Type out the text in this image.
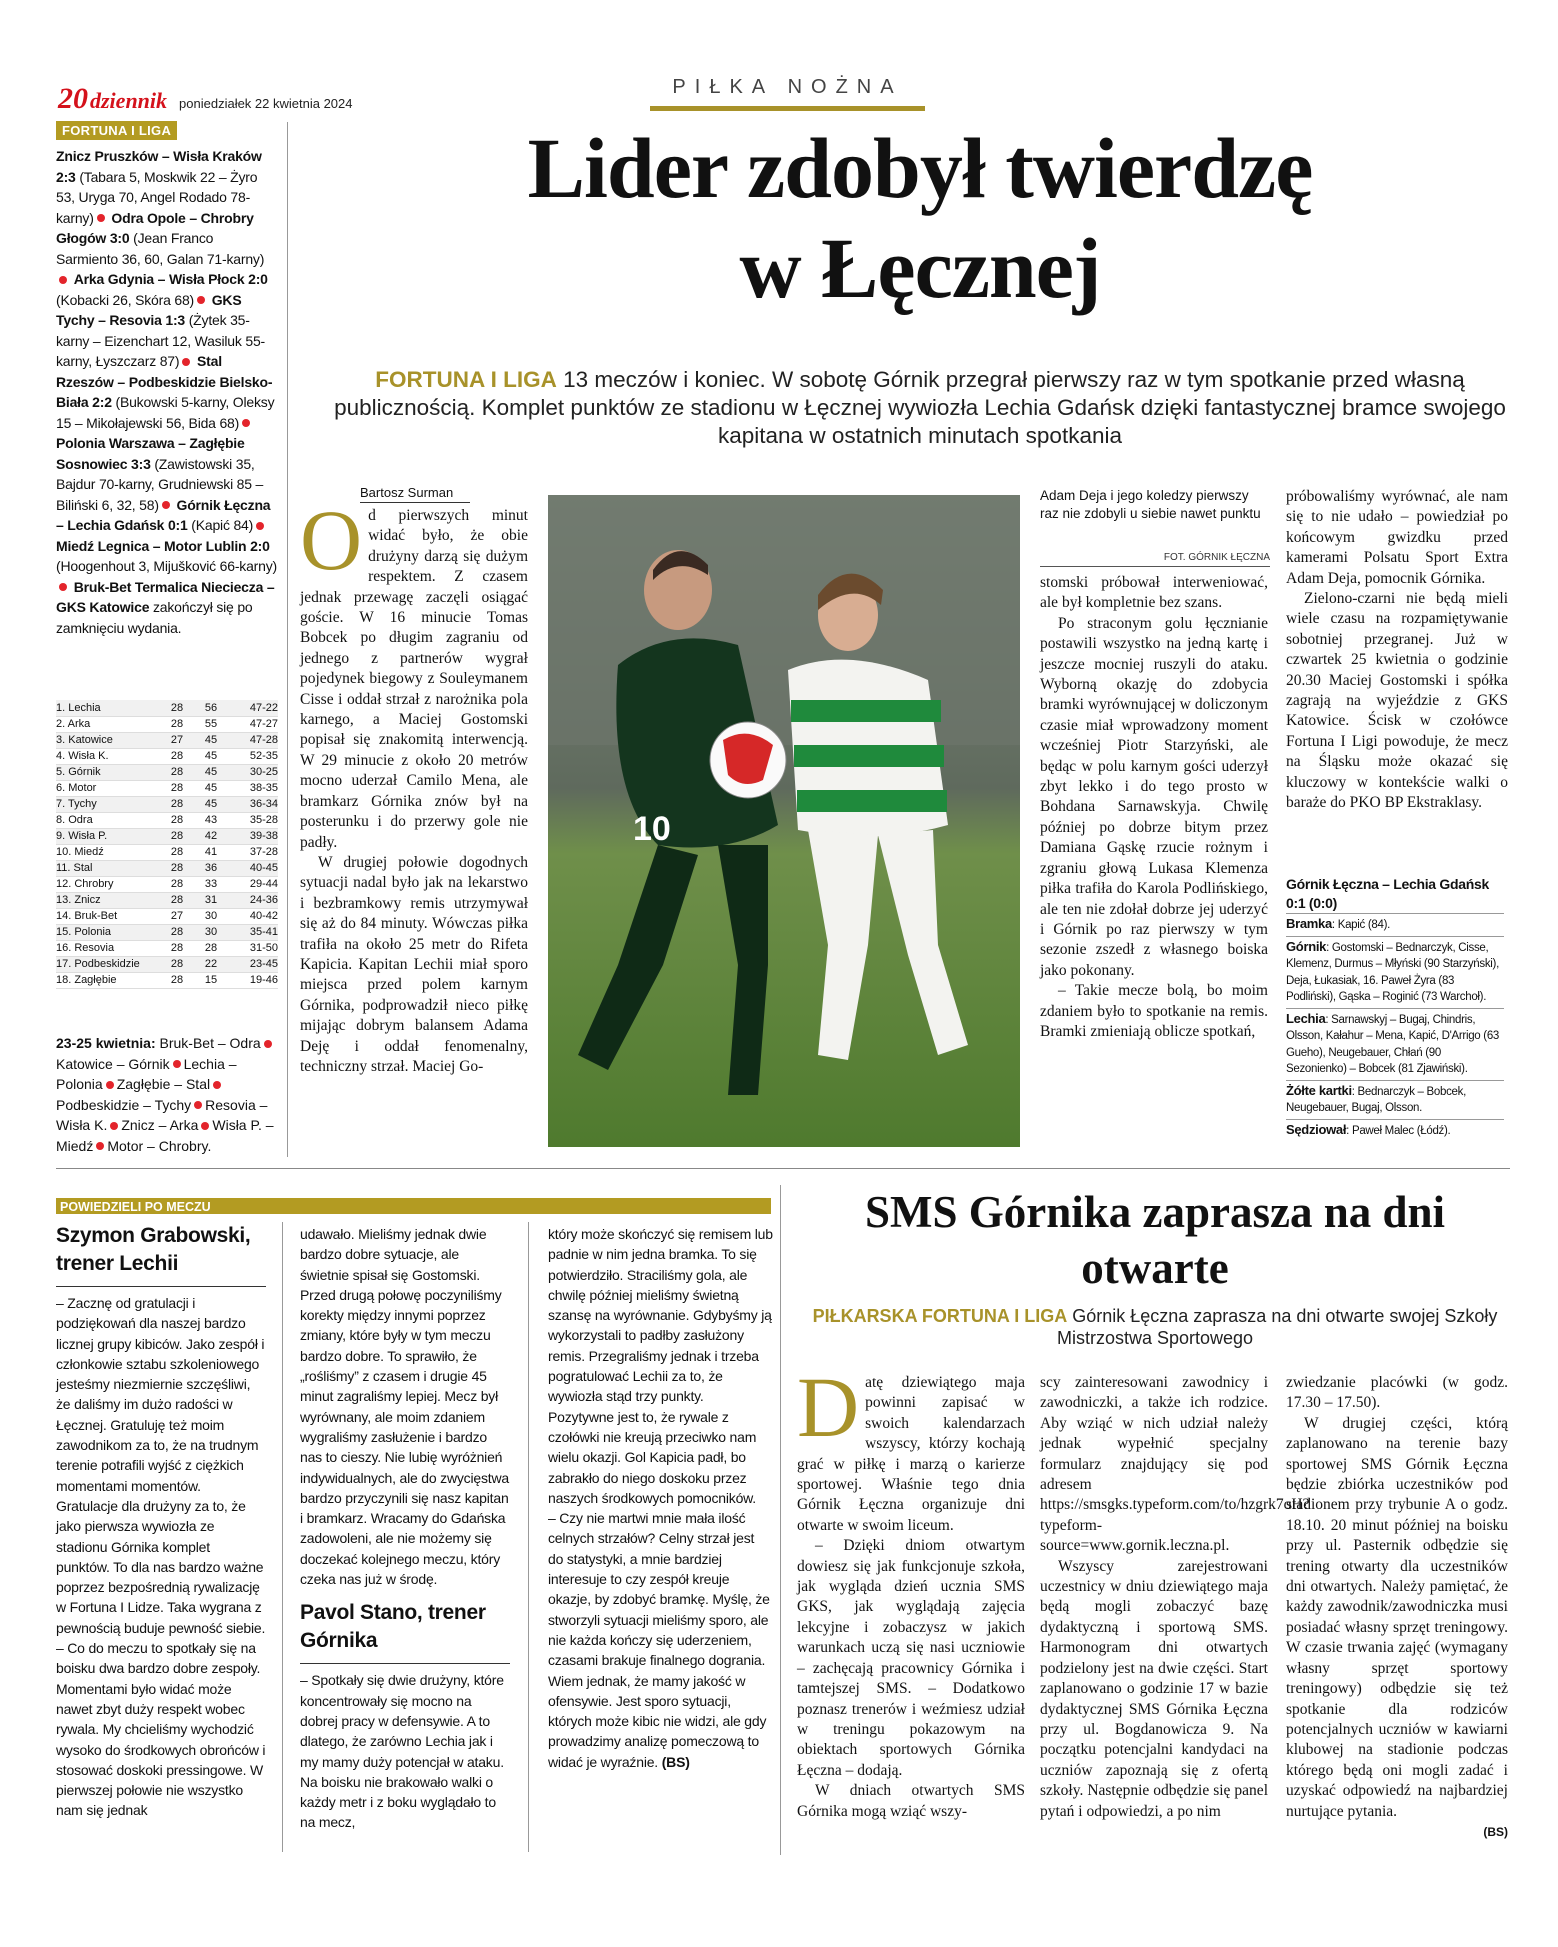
20 dziennik poniedziałek 22 kwietnia 2024
PIŁKA NOŻNA
FORTUNA I LIGA
Znicz Pruszków – Wisła Kraków 2:3 (Tabara 5, Moskwik 22 – Żyro 53, Uryga 70, Angel Rodado 78-karny) Odra Opole – Chrobry Głogów 3:0 (Jean Franco Sarmiento 36, 60, Galan 71-karny) Arka Gdynia – Wisła Płock 2:0 (Kobacki 26, Skóra 68) GKS Tychy – Resovia 1:3 (Żytek 35-karny – Eizenchart 12, Wasiluk 55-karny, Łyszczarz 87) Stal Rzeszów – Podbeskidzie Bielsko-Biała 2:2 (Bukowski 5-karny, Oleksy 15 – Mikołajewski 56, Bida 68) Polonia Warszawa – Zagłębie Sosnowiec 3:3 (Zawistowski 35, Bajdur 70-karny, Grudniewski 85 – Biliński 6, 32, 58) Górnik Łęczna – Lechia Gdańsk 0:1 (Kapić 84) Miedź Legnica – Motor Lublin 2:0 (Hoogenhout 3, Mijušković 66-karny) Bruk-Bet Termalica Nieciecza – GKS Katowice zakończył się po zamknięciu wydania.
1. Lechia	28	56	47-22
2. Arka	28	55	47-27
3. Katowice	27	45	47-28
4. Wisła K.	28	45	52-35
5. Górnik	28	45	30-25
6. Motor	28	45	38-35
7. Tychy	28	45	36-34
8. Odra	28	43	35-28
9. Wisła P.	28	42	39-38
10. Miedź	28	41	37-28
11. Stal	28	36	40-45
12. Chrobry	28	33	29-44
13. Znicz	28	31	24-36
14. Bruk-Bet	27	30	40-42
15. Polonia	28	30	35-41
16. Resovia	28	28	31-50
17. Podbeskidzie	28	22	23-45
18. Zagłębie	28	15	19-46
23-25 kwietnia: Bruk-Bet – OdraKatowice – Górnik Lechia – Polonia Zagłębie – StalPodbeskidzie – Tychy Resovia – Wisła K. Znicz – Arka Wisła P. – Miedź Motor – Chrobry.
Lider zdobył twierdzę
w Łęcznej
FORTUNA I LIGA 13 meczów i koniec. W sobotę Górnik przegrał pierwszy raz w tym spotkanie przed własną publicznością. Komplet punktów ze stadionu w Łęcznej wywiozła Lechia Gdańsk dzięki fantastycznej bramce swojego kapitana w ostatnich minutach spotkania
Bartosz Surman

Od pierwszych minut widać było, że obie drużyny darzą się dużym respektem. Z czasem jednak przewagę zaczęli osiągać goście. W 16 minucie Tomas Bobcek po długim zagraniu od jednego z partnerów wygrał pojedynek biegowy z Souleymanem Cisse i oddał strzał z narożnika pola karnego, a Maciej Gostomski popisał się znakomitą interwencją. W 29 minucie z około 20 metrów mocno uderzał Camilo Mena, ale bramkarz Górnika znów był na posterunku i do przerwy gole nie padły.

W drugiej połowie dogodnych sytuacji nadal było jak na lekarstwo i bezbramkowy remis utrzymywał się aż do 84 minuty. Wówczas piłka trafiła na około 25 metr do Rifeta Kapicia. Kapitan Lechii miał sporo miejsca przed polem karnym Górnika, podprowadził nieco piłkę mijając dobrym balansem Adama Deję i oddał fenomenalny, techniczny strzał. Maciej Go-

10
Adam Deja i jego koledzy pierwszy raz nie zdobyli u siebie nawet punktu
FOT. GÓRNIK ŁĘCZNA

stomski próbował interweniować, ale był kompletnie bez szans.

Po straconym golu łęcznianie postawili wszystko na jedną kartę i jeszcze mocniej ruszyli do ataku. Wyborną okazję do zdobycia bramki wyrównującej w doliczonym czasie miał wprowadzony moment wcześniej Piotr Starzyński, ale będąc w polu karnym gości uderzył zbyt lekko i do tego prosto w Bohdana Sarnawskyja. Chwilę później po dobrze bitym przez Damiana Gąskę rzucie rożnym i zgraniu głową Lukasa Klemenza piłka trafiła do Karola Podlińskiego, ale ten nie zdołał dobrze jej uderzyć i Górnik po raz pierwszy w tym sezonie zszedł z własnego boiska jako pokonany.

– Takie mecze bolą, bo moim zdaniem było to spotkanie na remis. Bramki zmieniają oblicze spotkań,

próbowaliśmy wyrównać, ale nam się to nie udało – powiedział po końcowym gwizdku przed kamerami Polsatu Sport Extra Adam Deja, pomocnik Górnika.

Zielono-czarni nie będą mieli wiele czasu na rozpamiętywanie sobotniej przegranej. Już w czwartek 25 kwietnia o godzinie 20.30 Maciej Gostomski i spółka zagrają na wyjeździe z GKS Katowice. Ścisk w czołówce Fortuna I Ligi powoduje, że mecz na Śląsku może okazać się kluczowy w kontekście walki o baraże do PKO BP Ekstraklasy.

Górnik Łęczna – Lechia Gdańsk 0:1 (0:0)
Bramka: Kapić (84).
Górnik: Gostomski – Bednarczyk, Cisse, Klemenz, Durmus – Młyński (90 Starzyński), Deja, Łukasiak, 16. Paweł Żyra (83 Podliński), Gąska – Roginić (73 Warchoł).
Lechia: Sarnawskyj – Bugaj, Chindris, Olsson, Kałahur – Mena, Kapić, D'Arrigo (63 Gueho), Neugebauer, Chłań (90 Sezonienko) – Bobcek (81 Zjawiński).
Żółte kartki: Bednarczyk – Bobcek, Neugebauer, Bugaj, Olsson.
Sędziował: Paweł Malec (Łódź).
POWIEDZIELI PO MECZU
Szymon Grabowski, trener Lechii
– Zacznę od gratulacji i podziękowań dla naszej bardzo licznej grupy kibiców. Jako zespół i członkowie sztabu szkoleniowego jesteśmy niezmiernie szczęśliwi, że daliśmy im dużo radości w Łęcznej. Gratuluję też moim zawodnikom za to, że na trudnym terenie potrafili wyjść z ciężkich momentami momentów. Gratulacje dla drużyny za to, że jako pierwsza wywiozła ze stadionu Górnika komplet punktów. To dla nas bardzo ważne poprzez bezpośrednią rywalizację w Fortuna I Lidze. Taka wygrana z pewnością buduje pewność siebie.
– Co do meczu to spotkały się na boisku dwa bardzo dobre zespoły. Momentami było widać może nawet zbyt duży respekt wobec rywala. My chcieliśmy wychodzić wysoko do środkowych obrońców i stosować doskoki pressingowe. W pierwszej połowie nie wszystko nam się jednak
udawało. Mieliśmy jednak dwie bardzo dobre sytuacje, ale świetnie spisał się Gostomski. Przed drugą połowę poczyniliśmy korekty między innymi poprzez zmiany, które były w tym meczu bardzo dobre. To sprawiło, że „rośliśmy” z czasem i drugie 45 minut zagraliśmy lepiej. Mecz był wyrównany, ale moim zdaniem wygraliśmy zasłużenie i bardzo nas to cieszy. Nie lubię wyróżnień indywidualnych, ale do zwycięstwa bardzo przyczynili się nasz kapitan i bramkarz. Wracamy do Gdańska zadowoleni, ale nie możemy się doczekać kolejnego meczu, który czeka nas już w środę.
Pavol Stano, trener Górnika
– Spotkały się dwie drużyny, które koncentrowały się mocno na dobrej pracy w defensywie. A to dlatego, że zarówno Lechia jak i my mamy duży potencjał w ataku. Na boisku nie brakowało walki o każdy metr i z boku wyglądało to na mecz,
który może skończyć się remisem lub padnie w nim jedna bramka. To się potwierdziło. Straciliśmy gola, ale chwilę później mieliśmy świetną szansę na wyrównanie. Gdybyśmy ją wykorzystali to padłby zasłużony remis. Przegraliśmy jednak i trzeba pogratulować Lechii za to, że wywiozła stąd trzy punkty. Pozytywne jest to, że rywale z czołówki nie kreują przeciwko nam wielu okazji. Gol Kapicia padł, bo zabrakło do niego doskoku przez naszych środkowych pomocników.
– Czy nie martwi mnie mała ilość celnych strzałów? Celny strzał jest do statystyki, a mnie bardziej interesuje to czy zespół kreuje okazje, by zdobyć bramkę. Myślę, że stworzyli sytuacji mieliśmy sporo, ale nie każda kończy się uderzeniem, czasami brakuje finalnego dogrania. Wiem jednak, że mamy jakość w ofensywie. Jest sporo sytuacji, których może kibic nie widzi, ale gdy prowadzimy analizę pomeczową to widać je wyraźnie. (BS)
SMS Górnika zaprasza na dni otwarte
PIŁKARSKA FORTUNA I LIGA Górnik Łęczna zaprasza na dni otwarte swojej Szkoły Mistrzostwa Sportowego

Datę dziewiątego maja powinni zapisać w swoich kalendarzach wszyscy, którzy kochają grać w piłkę i marzą o karierze sportowej. Właśnie tego dnia Górnik Łęczna organizuje dni otwarte w swoim liceum.

– Dzięki dniom otwartym dowiesz się jak funkcjonuje szkoła, jak wygląda dzień ucznia SMS GKS, jak wyglądają zajęcia lekcyjne i zobaczysz w jakich warunkach uczą się nasi uczniowie – zachęcają pracownicy Górnika i tamtejszej SMS. – Dodatkowo poznasz trenerów i weźmiesz udział w treningu pokazowym na obiektach sportowych Górnika Łęczna – dodają.

W dniach otwartych SMS Górnika mogą wziąć wszy-

scy zainteresowani zawodnicy i zawodniczki, a także ich rodzice. Aby wziąć w nich udział należy jednak wypełnić specjalny formularz znajdujący się pod adresem https://smsgks.typeform.com/to/hzgrk7oH?typeform-source=www.gornik.leczna.pl.

Wszyscy zarejestrowani uczestnicy w dniu dziewiątego maja będą mogli zobaczyć bazę dydaktyczną i sportową SMS. Harmonogram dni otwartych podzielony jest na dwie części. Start zaplanowano o godzinie 17 w bazie dydaktycznej SMS Górnika Łęczna przy ul. Bogdanowicza 9. Na początku potencjalni kandydaci na uczniów zapoznają się z ofertą szkoły. Następnie odbędzie się panel pytań i odpowiedzi, a po nim

zwiedzanie placówki (w godz. 17.30 – 17.50).

W drugiej części, którą zaplanowano na terenie bazy sportowej SMS Górnik Łęczna będzie zbiórka uczestników pod stadionem przy trybunie A o godz. 18.10. 20 minut później na boisku przy ul. Pasternik odbędzie się trening otwarty dla uczestników dni otwartych. Należy pamiętać, że każdy zawodnik/zawodniczka musi posiadać własny sprzęt treningowy. W czasie trwania zajęć (wymagany własny sprzęt sportowy treningowy) odbędzie się też spotkanie dla rodziców potencjalnych uczniów w kawiarni klubowej na stadionie podczas którego będą oni mogli zadać i uzyskać odpowiedź na najbardziej nurtujące pytania.

(BS)
